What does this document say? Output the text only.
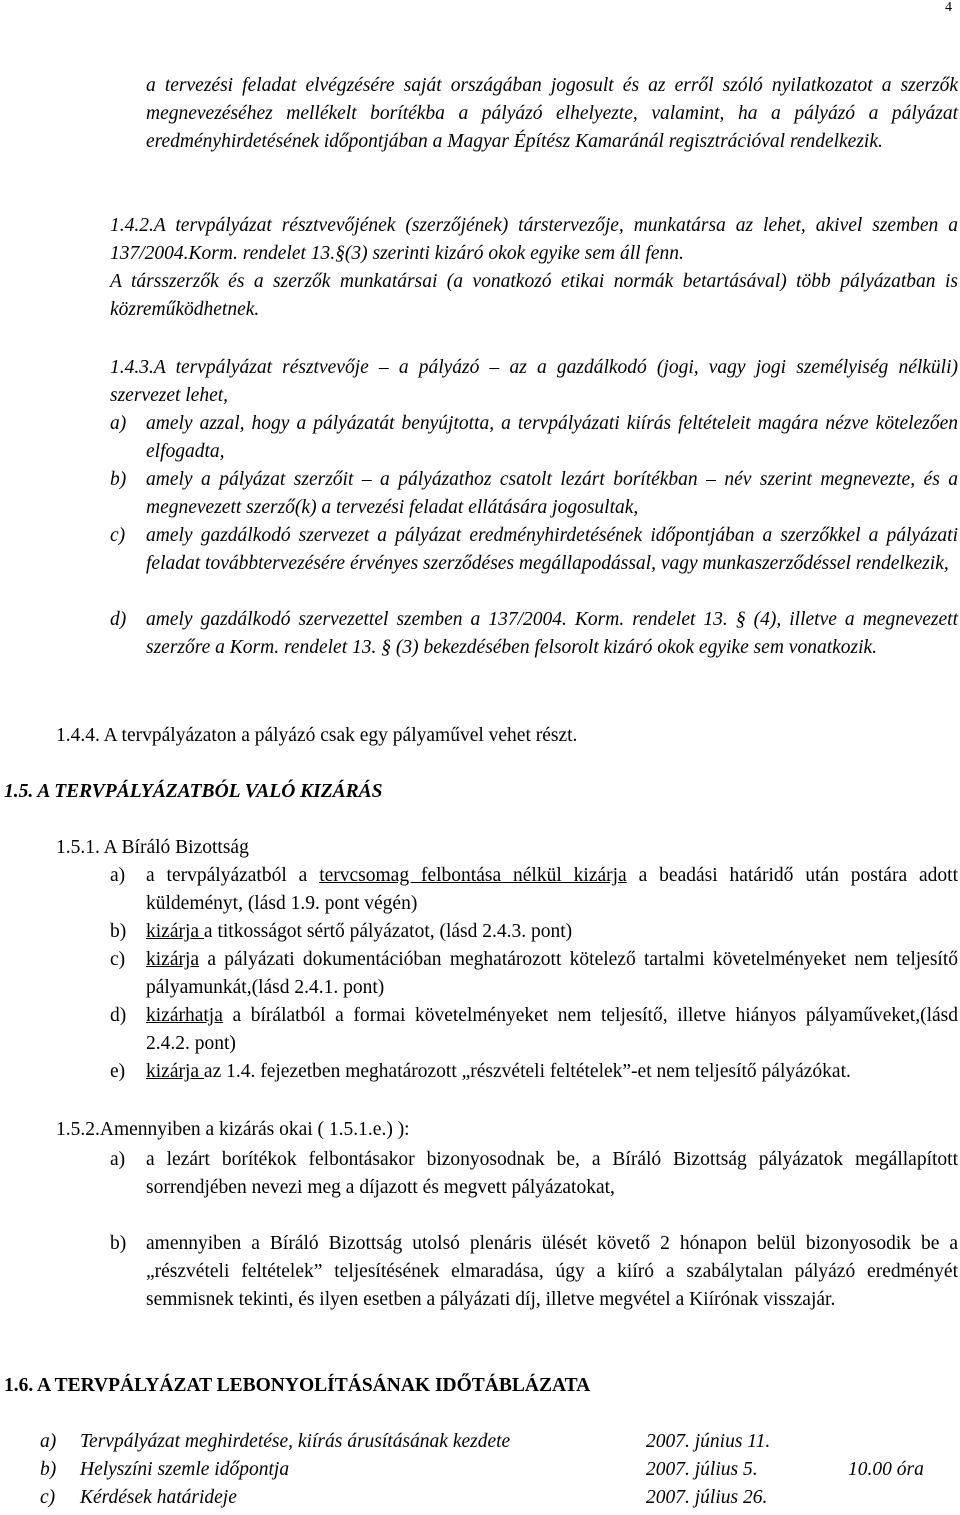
4
a tervezési feladat elvégzésére saját országában jogosult és az erről szóló nyilatkozatot a szerzők megnevezéséhez mellékelt borítékba a pályázó elhelyezte, valamint, ha a pályázó a pályázat eredményhirdetésének időpontjában a Magyar Építész Kamaránál regisztrációval rendelkezik.
1.4.2.A tervpályázat résztvevőjének (szerzőjének) társtervezője, munkatársa az lehet, akivel szemben a 137/2004.Korm. rendelet 13.§(3) szerinti kizáró okok egyike sem áll fenn.
A társszerzők és a szerzők munkatársai (a vonatkozó etikai normák betartásával) több pályázatban is közreműködhetnek.
1.4.3.A tervpályázat résztvevője – a pályázó – az a gazdálkodó (jogi, vagy jogi személyiség nélküli) szervezet lehet,
a) amely azzal, hogy a pályázatát benyújtotta, a tervpályázati kiírás feltételeit magára nézve kötelezően elfogadta,
b) amely a pályázat szerzőit – a pályázathoz csatolt lezárt borítékban – név szerint megnevezte, és a megnevezett szerző(k) a tervezési feladat ellátására jogosultak,
c) amely gazdálkodó szervezet a pályázat eredményhirdetésének időpontjában a szerzőkkel a pályázati feladat továbbtervezésére érvényes szerződéses megállapodással, vagy munkaszerződéssel rendelkezik,
d) amely gazdálkodó szervezettel szemben a 137/2004. Korm. rendelet 13. § (4), illetve a megnevezett szerzőre a Korm. rendelet 13. § (3) bekezdésében felsorolt kizáró okok egyike sem vonatkozik.
1.4.4. A tervpályázaton a pályázó csak egy pályaművel vehet részt.
1.5. A TERVPÁLYÁZATBÓL VALÓ KIZÁRÁS
1.5.1. A Bíráló Bizottság
a) a tervpályázatból a tervcsomag felbontása nélkül kizárja a beadási határidő után postára adott küldeményt, (lásd 1.9. pont végén)
b) kizárja a titkosságot sértő pályázatot, (lásd 2.4.3. pont)
c) kizárja a pályázati dokumentációban meghatározott kötelező tartalmi követelményeket nem teljesítő pályamunkát,(lásd 2.4.1. pont)
d) kizárhatja a bírálatból a formai követelményeket nem teljesítő, illetve hiányos pályaműveket,(lásd 2.4.2. pont)
e) kizárja az 1.4. fejezetben meghatározott „részvételi feltételek”-et nem teljesítő pályázókat.
1.5.2.Amennyiben a kizárás okai ( 1.5.1.e.) ):
a) a lezárt borítékok felbontásakor bizonyosodnak be, a Bíráló Bizottság pályázatok megállapított sorrendjében nevezi meg a díjazott és megvett pályázatokat,
b) amennyiben a Bíráló Bizottság utolsó plenáris ülését követő 2 hónapon belül bizonyosodik be a „részvételi feltételek” teljesítésének elmaradása, úgy a kiíró a szabálytalan pályázó eredményét semmisnek tekinti, és ilyen esetben a pályázati díj, illetve megvétel a Kiírónak visszajár.
1.6. A TERVPÁLYÁZAT LEBONYOLÍTÁSÁNAK IDŐTÁBLÁZATA
a) Tervpályázat meghirdetése, kiírás árusításának kezdete	2007. június 11.
b) Helyszíni szemle időpontja	2007. július 5.	10.00 óra
c) Kérdések határideje	2007. július 26.
